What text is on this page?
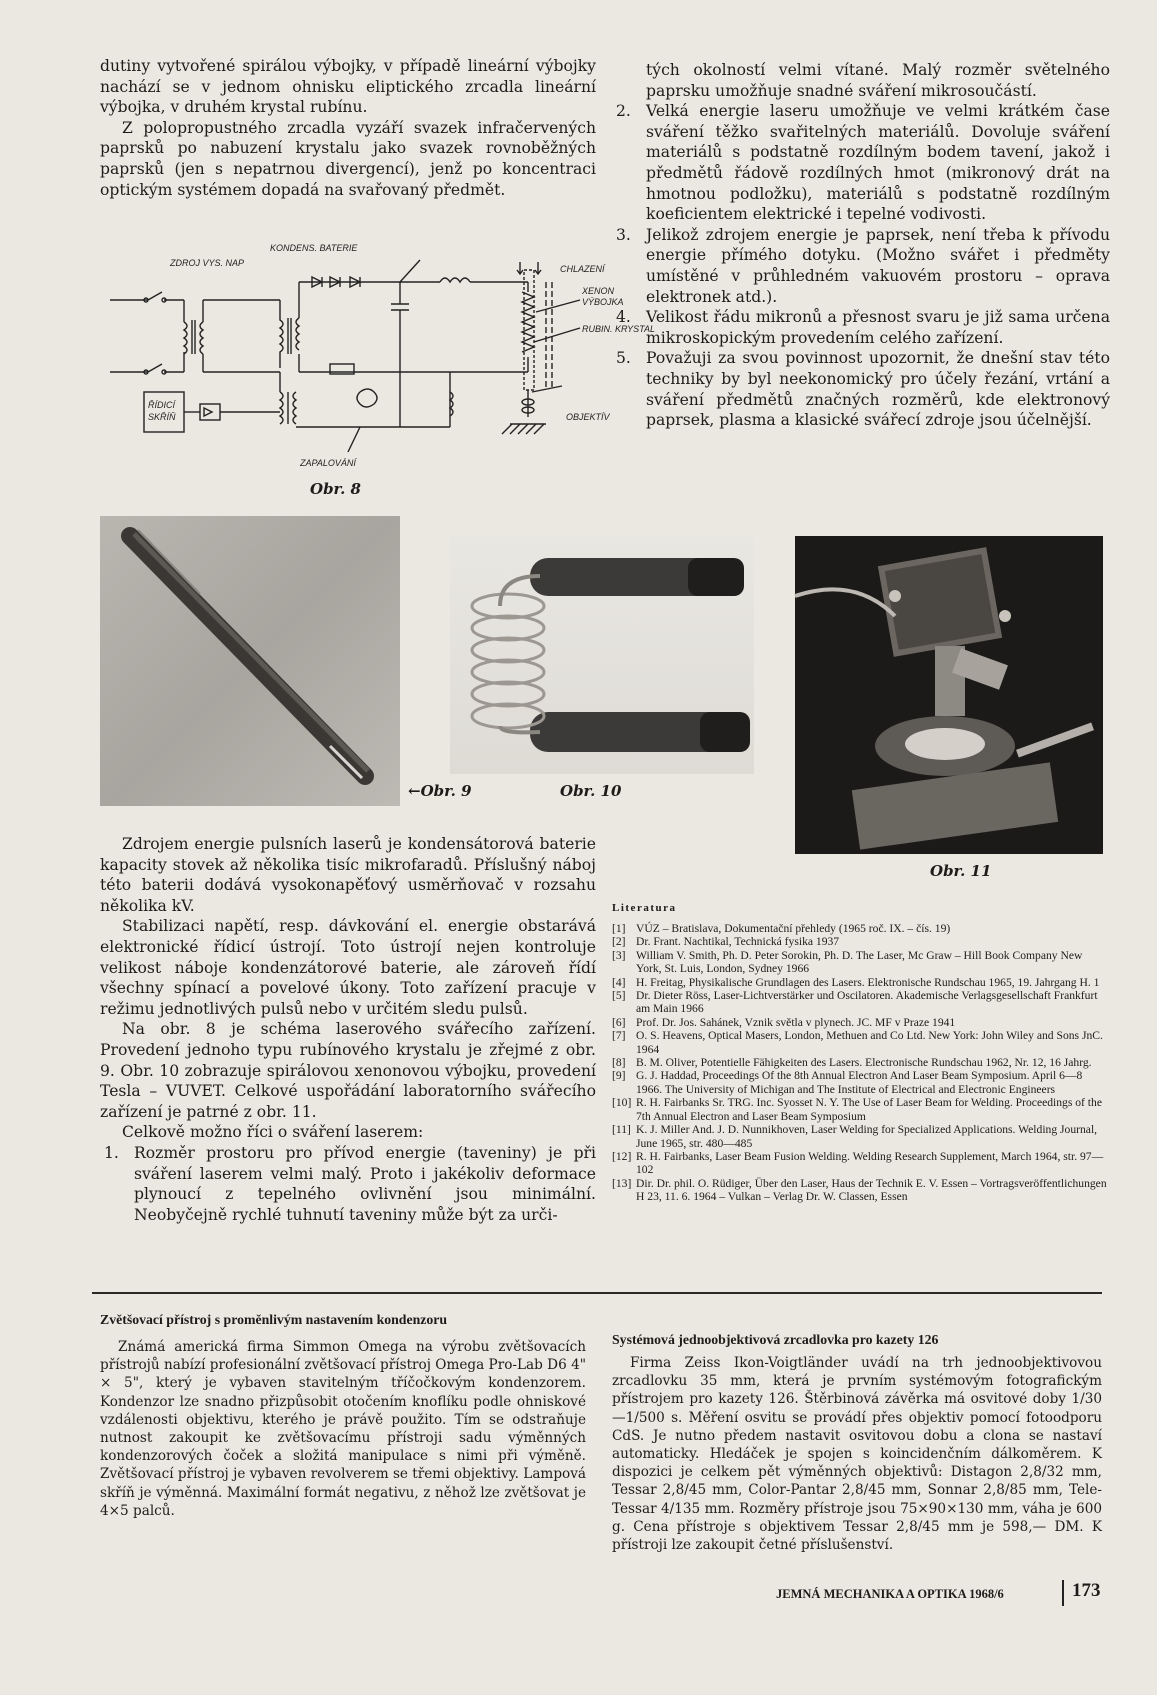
dutiny vytvořené spirálou výbojky, v případě lineární výbojky nachází se v jednom ohnisku eliptického zrcadla lineární výbojka, v druhém krystal rubínu.

Z polopropustného zrcadla vyzáří svazek infračervených paprsků po nabuzení krystalu jako svazek rovnoběžných paprsků (jen s nepatrnou divergencí), jenž po koncentraci optickým systémem dopadá na svařovaný předmět.

KONDENS. BATERIE
ZDROJ VYS. NAP
CHLAZENÍ
XENON
VÝBOJKA
RUBIN. KRYSTAL
ŘÍDICÍ
SKŘÍŇ	OBJEKTÍV
ZAPALOVÁNÍ
Obr. 8

tých okolností velmi vítané. Malý rozměr světelného paprsku umožňuje snadné sváření mikrosoučástí.

2. Velká energie laseru umožňuje ve velmi krátkém čase sváření těžko svařitelných materiálů. Dovoluje sváření materiálů s podstatně rozdílným bodem tavení, jakož i předmětů řádově rozdílných hmot (mikronový drát na hmotnou podložku), materiálů s podstatně rozdílným koeficientem elektrické i tepelné vodivosti.
3. Jelikož zdrojem energie je paprsek, není třeba k přívodu energie přímého dotyku. (Možno svářet i předměty umístěné v průhledném vakuovém prostoru – oprava elektronek atd.).
4. Velikost řádu mikronů a přesnost svaru je již sama určena mikroskopickým provedením celého zařízení.
5. Považuji za svou povinnost upozornit, že dnešní stav této techniky by byl neekonomický pro účely řezání, vrtání a sváření předmětů značných rozměrů, kde elektronový paprsek, plasma a klasické svářecí zdroje jsou účelnější.
←Obr. 9	Obr. 10
Obr. 11

Zdrojem energie pulsních laserů je kondensátorová baterie kapacity stovek až několika tisíc mikrofaradů. Příslušný náboj této baterii dodává vysokonapěťový usměrňovač v rozsahu několika kV.

Stabilizaci napětí, resp. dávkování el. energie obstarává elektronické řídicí ústrojí. Toto ústrojí nejen kontroluje velikost náboje kondenzátorové baterie, ale zároveň řídí všechny spínací a povelové úkony. Toto zařízení pracuje v režimu jednotlivých pulsů nebo v určitém sledu pulsů.

Na obr. 8 je schéma laserového svářecího zařízení. Provedení jednoho typu rubínového krystalu je zřejmé z obr. 9. Obr. 10 zobrazuje spirálovou xenonovou výbojku, provedení Tesla – VUVET. Celkové uspořádání laboratorního svářecího zařízení je patrné z obr. 11.

Celkově možno říci o sváření laserem:

1. Rozměr prostoru pro přívod energie (taveniny) je při sváření laserem velmi malý. Proto i jakékoliv deformace plynoucí z tepelného ovlivnění jsou minimální. Neobyčejně rychlé tuhnutí taveniny může být za urči-
Literatura
[1] VÚZ – Bratislava, Dokumentační přehledy (1965 roč. IX. – čís. 19)
[2] Dr. Frant. Nachtikal, Technická fysika 1937
[3] William V. Smith, Ph. D. Peter Sorokin, Ph. D. The Laser, Mc Graw – Hill Book Company New York, St. Luis, London, Sydney 1966
[4] H. Freitag, Physikalische Grundlagen des Lasers. Elektronische Rundschau 1965, 19. Jahrgang H. 1
[5] Dr. Dieter Röss, Laser-Lichtverstärker und Oscilatoren. Akademische Verlagsgesellschaft Frankfurt am Main 1966
[6] Prof. Dr. Jos. Sahánek, Vznik světla v plynech. JC. MF v Praze 1941
[7] O. S. Heavens, Optical Masers, London, Methuen and Co Ltd. New York: John Wiley and Sons JnC. 1964
[8] B. M. Oliver, Potentielle Fähigkeiten des Lasers. Electronische Rundschau 1962, Nr. 12, 16 Jahrg.
[9] G. J. Haddad, Proceedings Of the 8th Annual Electron And Laser Beam Symposium. April 6—8 1966. The University of Michigan and The Institute of Electrical and Electronic Engineers
[10] R. H. Fairbanks Sr. TRG. Inc. Syosset N. Y. The Use of Laser Beam for Welding. Proceedings of the 7th Annual Electron and Laser Beam Symposium
[11] K. J. Miller And. J. D. Nunnikhoven, Laser Welding for Specialized Applications. Welding Journal, June 1965, str. 480—485
[12] R. H. Fairbanks, Laser Beam Fusion Welding. Welding Research Supplement, March 1964, str. 97—102
[13] Dir. Dr. phil. O. Rüdiger, Über den Laser, Haus der Technik E. V. Essen – Vortragsveröffentlichungen H 23, 11. 6. 1964 – Vulkan – Verlag Dr. W. Classen, Essen
Zvětšovací přístroj s proměnlivým nastavením kondenzoru
Známá americká firma Simmon Omega na výrobu zvětšovacích přístrojů nabízí profesionální zvětšovací přístroj Omega Pro-Lab D6 4" × 5", který je vybaven stavitelným tříčočkovým kondenzorem. Kondenzor lze snadno přizpůsobit otočením knoflíku podle ohniskové vzdálenosti objektivu, kterého je právě použito. Tím se odstraňuje nutnost zakoupit ke zvětšovacímu přístroji sadu výměnných kondenzorových čoček a složitá manipulace s nimi při výměně. Zvětšovací přístroj je vybaven revolverem se třemi objektivy. Lampová skříň je výměnná. Maximální formát negativu, z něhož lze zvětšovat je 4×5 palců.
Systémová jednoobjektivová zrcadlovka pro kazety 126
Firma Zeiss Ikon-Voigtländer uvádí na trh jednoobjektivovou zrcadlovku 35 mm, která je prvním systémovým fotografickým přístrojem pro kazety 126. Štěrbinová závěrka má osvitové doby 1/30—1/500 s. Měření osvitu se provádí přes objektiv pomocí fotoodporu CdS. Je nutno předem nastavit osvitovou dobu a clona se nastaví automaticky. Hledáček je spojen s koincidenčním dálkoměrem. K dispozici je celkem pět výměnných objektivů: Distagon 2,8/32 mm, Tessar 2,8/45 mm, Color-Pantar 2,8/45 mm, Sonnar 2,8/85 mm, Tele-Tessar 4/135 mm. Rozměry přístroje jsou 75×90×130 mm, váha je 600 g. Cena přístroje s objektivem Tessar 2,8/45 mm je 598,— DM. K přístroji lze zakoupit četné příslušenství.
JEMNÁ MECHANIKA A OPTIKA 1968/6	173
